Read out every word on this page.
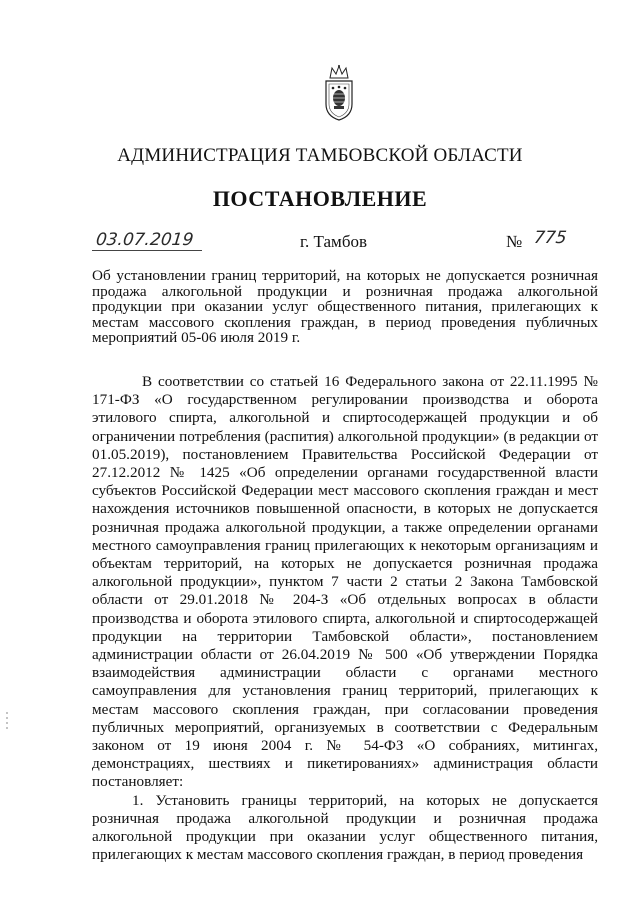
АДМИНИСТРАЦИЯ ТАМБОВСКОЙ ОБЛАСТИ
ПОСТАНОВЛЕНИЕ
03.07.2019	г. Тамбов	№ 775
Об установлении границ территорий, на которых не допускается розничная продажа алкогольной продукции и розничная продажа алкогольной продукции при оказании услуг общественного питания, прилегающих к местам массового скопления граждан, в период проведения публичных мероприятий 05-06 июля 2019 г.

В соответствии со статьей 16 Федерального закона от 22.11.1995 № 171-ФЗ «О государственном регулировании производства и оборота этилового спирта, алкогольной и спиртосодержащей продукции и об ограничении потребления (распития) алкогольной продукции» (в редакции от 01.05.2019), постановлением Правительства Российской Федерации от 27.12.2012 № 1425 «Об определении органами государственной власти субъектов Российской Федерации мест массового скопления граждан и мест нахождения источников повышенной опасности, в которых не допускается розничная продажа алкогольной продукции, а также определении органами местного самоуправления границ прилегающих к некоторым организациям и объектам территорий, на которых не допускается розничная продажа алкогольной продукции», пунктом 7 части 2 статьи 2 Закона Тамбовской области от 29.01.2018 № 204-З «Об отдельных вопросах в области производства и оборота этилового спирта, алкогольной и спиртосодержащей продукции на территории Тамбовской области», постановлением администрации области от 26.04.2019 № 500 «Об утверждении Порядка взаимодействия администрации области с органами местного самоуправления для установления границ территорий, прилегающих к местам массового скопления граждан, при согласовании проведения публичных мероприятий, организуемых в соответствии с Федеральным законом от 19 июня 2004 г. № 54-ФЗ «О собраниях, митингах, демонстрациях, шествиях и пикетированиях» администрация области постановляет:

1. Установить границы территорий, на которых не допускается розничная продажа алкогольной продукции и розничная продажа алкогольной продукции при оказании услуг общественного питания, прилегающих к местам массового скопления граждан, в период проведения
